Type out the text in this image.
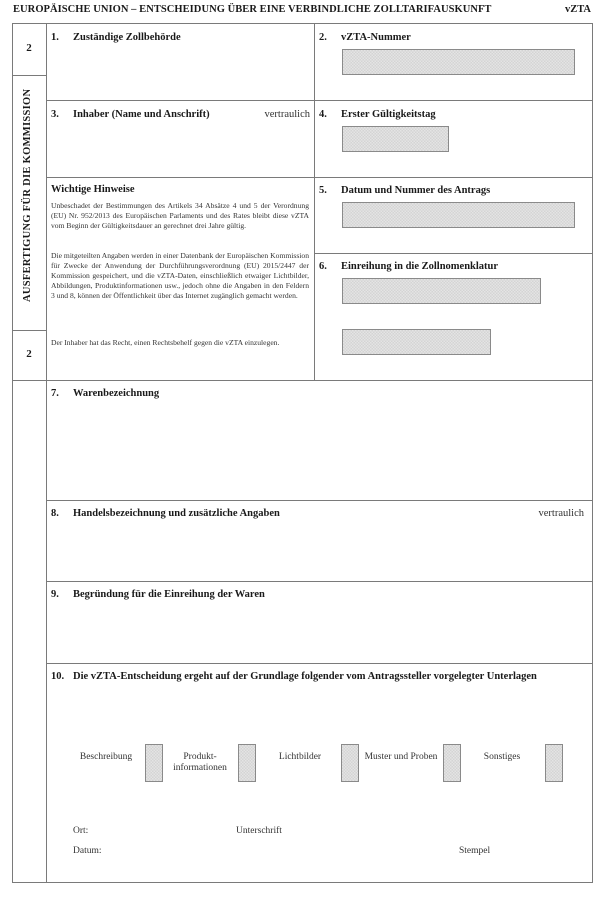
EUROPÄISCHE UNION – ENTSCHEIDUNG ÜBER EINE VERBINDLICHE ZOLLTARIFAUSKUNFT	vZTA
2
AUSFERTIGUNG FÜR DIE KOMMISSION
2
1. Zuständige Zollbehörde	2. vZTA-Nummer
3. Inhaber (Name und Anschrift)	vertraulich 4. Erster Gültigkeitstag
Wichtige Hinweise
Unbeschadet der Bestimmungen des Artikels 34 Absätze 4 und 5 der Verordnung (EU) Nr. 952/2013 des Europäischen Parlaments und des Rates bleibt diese vZTA vom Beginn der Gültigkeitsdauer an gerechnet drei Jahre gültig.
Die mitgeteilten Angaben werden in einer Datenbank der Europäischen Kommission für Zwecke der Anwendung der Durchführungsverordnung (EU) 2015/2447 der Kommission gespeichert, und die vZTA-Daten, einschließlich etwaiger Lichtbilder, Abbildungen, Produktinformationen usw., jedoch ohne die Angaben in den Feldern 3 und 8, können der Öffentlichkeit über das Internet zugänglich gemacht werden.
Der Inhaber hat das Recht, einen Rechtsbehelf gegen die vZTA einzulegen.
5. Datum und Nummer des Antrags
6. Einreihung in die Zollnomenklatur
7. Warenbezeichnung
8. Handelsbezeichnung und zusätzliche Angaben	vertraulich
9. Begründung für die Einreihung der Waren
10. Die vZTA-Entscheidung ergeht auf der Grundlage folgender vom Antragssteller vorgelegter Unterlagen
Beschreibung	Produkt-
informationen
Lichtbilder	Muster und Proben	Sonstiges
Ort:	Unterschrift
Datum:	Stempel
